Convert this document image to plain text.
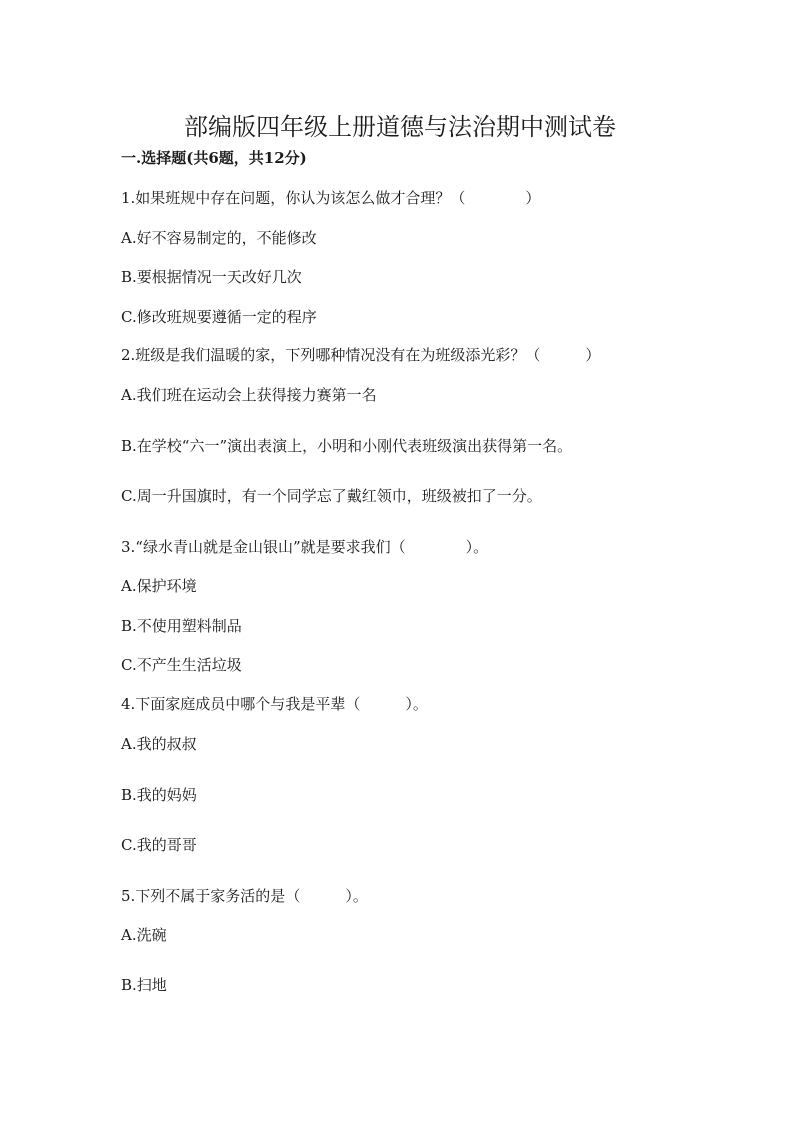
部编版四年级上册道德与法治期中测试卷
一.选择题(共6题，共12分)
1.如果班规中存在问题，你认为该怎么做才合理？（　　　　）
A.好不容易制定的，不能修改
B.要根据情况一天改好几次
C.修改班规要遵循一定的程序
2.班级是我们温暖的家，下列哪种情况没有在为班级添光彩？（　　　）
A.我们班在运动会上获得接力赛第一名
B.在学校“六一”演出表演上，小明和小刚代表班级演出获得第一名。
C.周一升国旗时，有一个同学忘了戴红领巾，班级被扣了一分。
3.“绿水青山就是金山银山”就是要求我们（　　　　）。
A.保护环境
B.不使用塑料制品
C.不产生生活垃圾
4.下面家庭成员中哪个与我是平辈（　　　）。
A.我的叔叔
B.我的妈妈
C.我的哥哥
5.下列不属于家务活的是（　　　）。
A.洗碗
B.扫地
